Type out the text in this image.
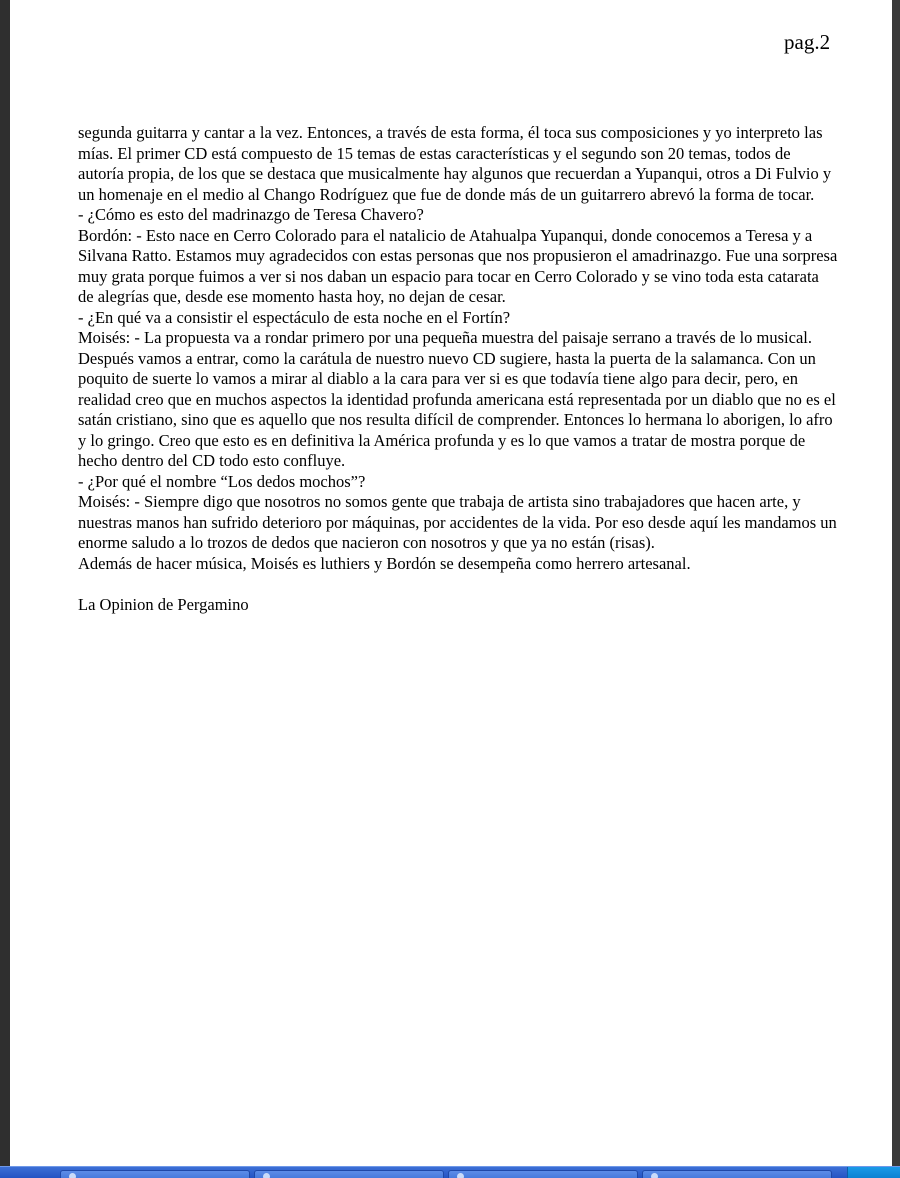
pag.2

segunda guitarra y cantar a la vez. Entonces, a través de esta forma, él toca sus composiciones y yo interpreto las mías. El primer CD está compuesto de 15 temas de estas características y el segundo son 20 temas, todos de autoría propia, de los que se destaca que musicalmente hay algunos que recuerdan a Yupanqui, otros a Di Fulvio y un homenaje en el medio al Chango Rodríguez que fue de donde más de un guitarrero abrevó la forma de tocar.

- ¿Cómo es esto del madrinazgo de Teresa Chavero?

Bordón: - Esto nace en Cerro Colorado para el natalicio de Atahualpa Yupanqui, donde conocemos a Teresa y a Silvana Ratto. Estamos muy agradecidos con estas personas que nos propusieron el amadrinazgo. Fue una sorpresa muy grata porque fuimos a ver si nos daban un espacio para tocar en Cerro Colorado y se vino toda esta catarata de alegrías que, desde ese momento hasta hoy, no dejan de cesar.

- ¿En qué va a consistir el espectáculo de esta noche en el Fortín?

Moisés: - La propuesta va a rondar primero por una pequeña muestra del paisaje serrano a través de lo musical. Después vamos a entrar, como la carátula de nuestro nuevo CD sugiere, hasta la puerta de la salamanca. Con un poquito de suerte lo vamos a mirar al diablo a la cara para ver si es que todavía tiene algo para decir, pero, en realidad creo que en muchos aspectos la identidad profunda americana está representada por un diablo que no es el satán cristiano, sino que es aquello que nos resulta difícil de comprender. Entonces lo hermana lo aborigen, lo afro y lo gringo. Creo que esto es en definitiva la América profunda y es lo que vamos a tratar de mostra porque de hecho dentro del CD todo esto confluye.

- ¿Por qué el nombre “Los dedos mochos”?

Moisés: - Siempre digo que nosotros no somos gente que trabaja de artista sino trabajadores que hacen arte, y nuestras manos han sufrido deterioro por máquinas, por accidentes de la vida. Por eso desde aquí les mandamos un enorme saludo a lo trozos de dedos que nacieron con nosotros y que ya no están (risas).

Además de hacer música, Moisés es luthiers y Bordón se desempeña como herrero artesanal.

La Opinion de Pergamino
